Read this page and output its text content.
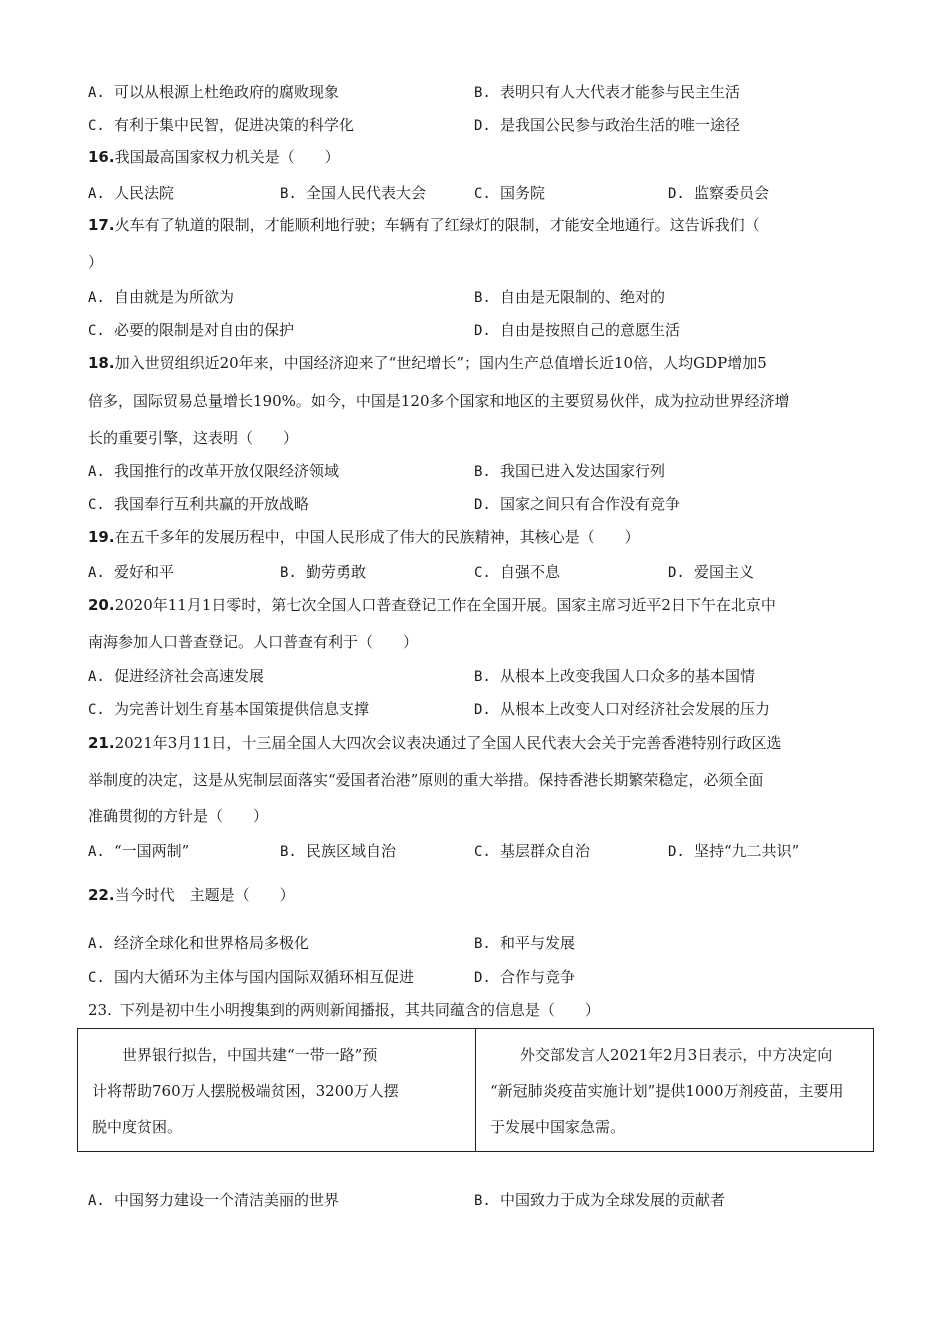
A. 可以从根源上杜绝政府的腐败现象	B. 表明只有人大代表才能参与民主生活
C. 有利于集中民智，促进决策的科学化	D. 是我国公民参与政治生活的唯一途径
16.我国最高国家权力机关是（　　）
A. 人民法院	B. 全国人民代表大会	C. 国务院	D. 监察委员会
17.火车有了轨道的限制，才能顺利地行驶；车辆有了红绿灯的限制，才能安全地通行。这告诉我们（
）
A. 自由就是为所欲为	B. 自由是无限制的、绝对的
C. 必要的限制是对自由的保护	D. 自由是按照自己的意愿生活
18.加入世贸组织近20年来，中国经济迎来了“世纪增长”；国内生产总值增长近10倍，人均GDP增加5
倍多，国际贸易总量增长190%。如今，中国是120多个国家和地区的主要贸易伙伴，成为拉动世界经济增
长的重要引擎，这表明（　　）
A. 我国推行的改革开放仅限经济领域	B. 我国已进入发达国家行列
C. 我国奉行互利共赢的开放战略	D. 国家之间只有合作没有竞争
19.在五千多年的发展历程中，中国人民形成了伟大的民族精神，其核心是（　　）
A. 爱好和平	B. 勤劳勇敢	C. 自强不息	D. 爱国主义
20.2020年11月1日零时，第七次全国人口普查登记工作在全国开展。国家主席习近平2日下午在北京中
南海参加人口普查登记。人口普查有利于（　　）
A. 促进经济社会高速发展	B. 从根本上改变我国人口众多的基本国情
C. 为完善计划生育基本国策提供信息支撑	D. 从根本上改变人口对经济社会发展的压力
21.2021年3月11日，十三届全国人大四次会议表决通过了全国人民代表大会关于完善香港特别行政区选
举制度的决定，这是从宪制层面落实“爱国者治港”原则的重大举措。保持香港长期繁荣稳定，必须全面
准确贯彻的方针是（　　）
A. “一国两制”	B. 民族区域自治	C. 基层群众自治	D. 坚持“九二共识”
22.当今时代　主题是（　　）
A. 经济全球化和世界格局多极化	B. 和平与发展
C. 国内大循环为主体与国内国际双循环相互促进	D. 合作与竞争
23. 下列是初中生小明搜集到的两则新闻播报，其共同蕴含的信息是（　　）
　　世界银行拟告，中国共建“一带一路”预
计将帮助760万人摆脱极端贫困，3200万人摆
脱中度贫困。

　　外交部发言人2021年2月3日表示，中方决定向
“新冠肺炎疫苗实施计划”提供1000万剂疫苗，主要用
于发展中国家急需。
A. 中国努力建设一个清洁美丽的世界	B. 中国致力于成为全球发展的贡献者
